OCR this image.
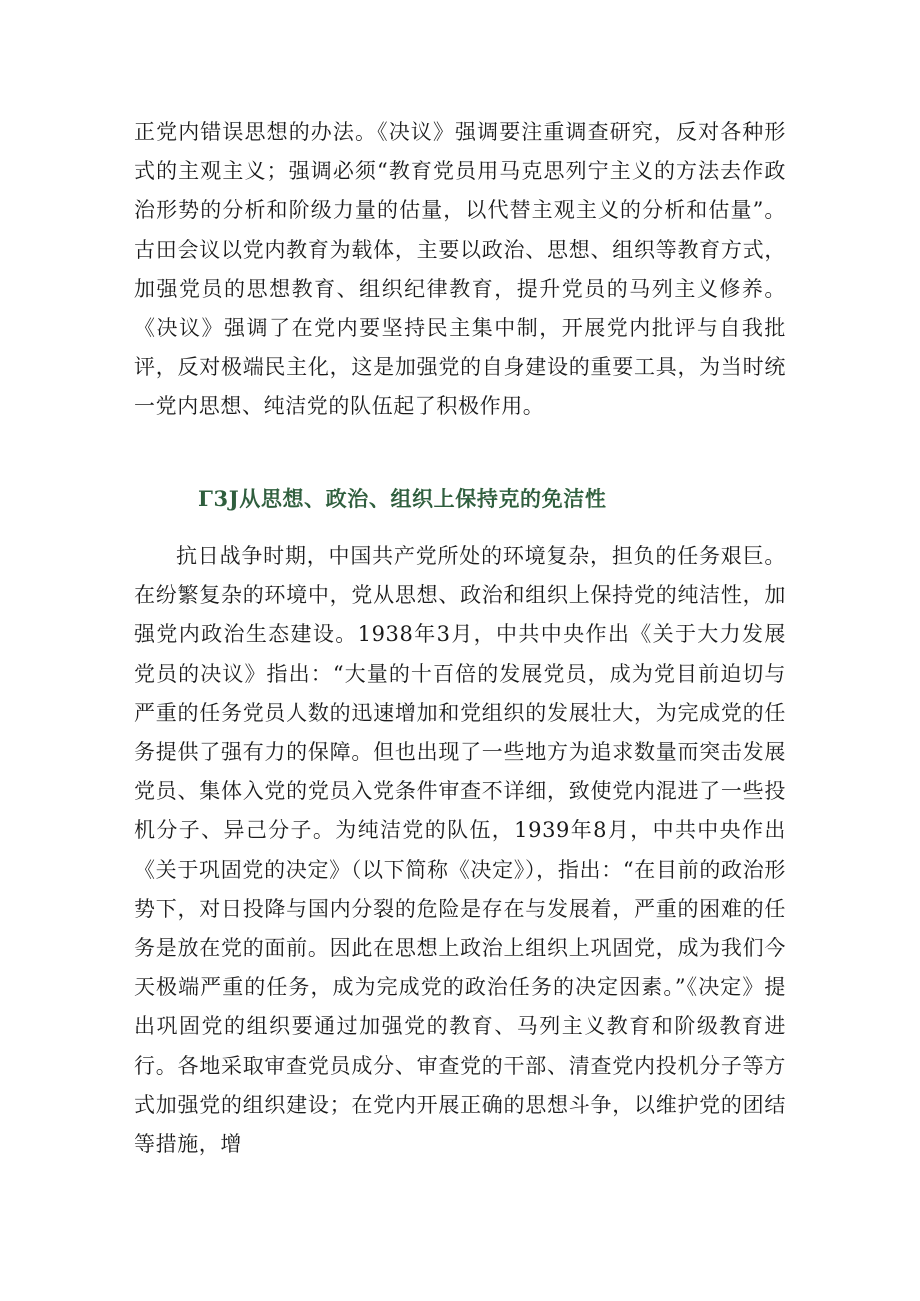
正党内错误思想的办法。《决议》强调要注重调查研究，反对各种形式的主观主义；强调必须“教育党员用马克思列宁主义的方法去作政治形势的分析和阶级力量的估量，以代替主观主义的分析和估量”。古田会议以党内教育为载体，主要以政治、思想、组织等教育方式，加强党员的思想教育、组织纪律教育，提升党员的马列主义修养。《决议》强调了在党内要坚持民主集中制，开展党内批评与自我批评，反对极端民主化，这是加强党的自身建设的重要工具，为当时统一党内思想、纯洁党的队伍起了积极作用。

Γ3J从思想、政治、组织上保持克的免洁性

抗日战争时期，中国共产党所处的环境复杂，担负的任务艰巨。在纷繁复杂的环境中，党从思想、政治和组织上保持党的纯洁性，加强党内政治生态建设。1938年3月，中共中央作出《关于大力发展党员的决议》指出：“大量的十百倍的发展党员，成为党目前迫切与严重的任务党员人数的迅速增加和党组织的发展壮大，为完成党的任务提供了强有力的保障。但也出现了一些地方为追求数量而突击发展党员、集体入党的党员入党条件审查不详细，致使党内混进了一些投机分子、异己分子。为纯洁党的队伍，1939年8月，中共中央作出《关于巩固党的决定》（以下简称《决定》），指出：“在目前的政治形势下，对日投降与国内分裂的危险是存在与发展着，严重的困难的任务是放在党的面前。因此在思想上政治上组织上巩固党，成为我们今天极端严重的任务，成为完成党的政治任务的决定因素。”《决定》提出巩固党的组织要通过加强党的教育、马列主义教育和阶级教育进行。各地采取审查党员成分、审查党的干部、清查党内投机分子等方式加强党的组织建设；在党内开展正确的思想斗争，以维护党的团结等措施，增
